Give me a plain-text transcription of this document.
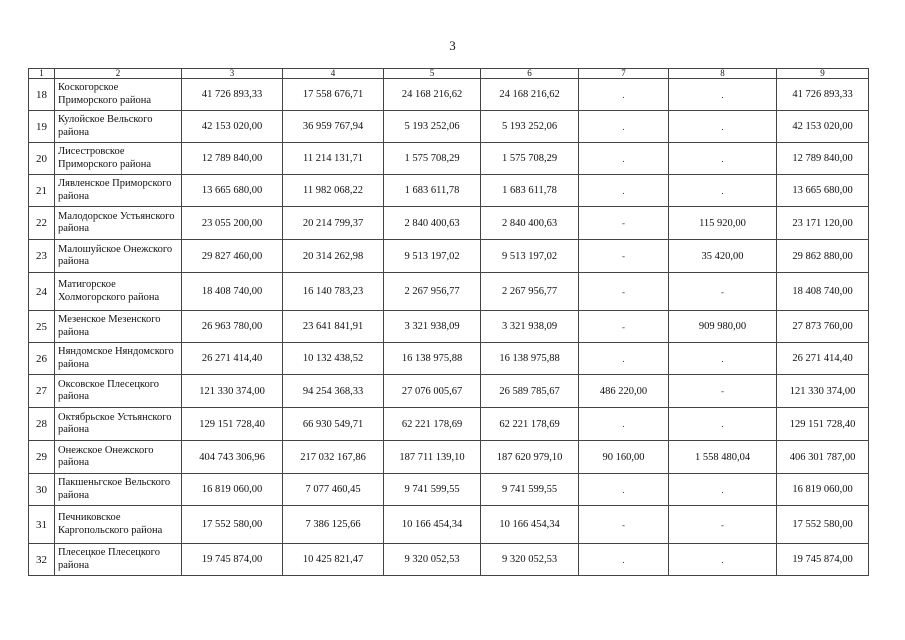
3
1	2	3	4	5	6	7	8	9
18	Коскогорское Приморского района	41 726 893,33	17 558 676,71	24 168 216,62	24 168 216,62	.	.	41 726 893,33
19	Кулойское Вельского района	42 153 020,00	36 959 767,94	5 193 252,06	5 193 252,06	.	.	42 153 020,00
20	Лисестровское Приморского района	12 789 840,00	11 214 131,71	1 575 708,29	1 575 708,29	.	.	12 789 840,00
21	Лявленское Приморского района	13 665 680,00	11 982 068,22	1 683 611,78	1 683 611,78	.	.	13 665 680,00
22	Малодорское Устьянского района	23 055 200,00	20 214 799,37	2 840 400,63	2 840 400,63	-	115 920,00	23 171 120,00
23	Малошуйское Онежского района	29 827 460,00	20 314 262,98	9 513 197,02	9 513 197,02	-	35 420,00	29 862 880,00
24	Матигорское Холмогорского района	18 408 740,00	16 140 783,23	2 267 956,77	2 267 956,77	-	-	18 408 740,00
25	Мезенское Мезенского района	26 963 780,00	23 641 841,91	3 321 938,09	3 321 938,09	-	909 980,00	27 873 760,00
26	Няндомское Няндомского района	26 271 414,40	10 132 438,52	16 138 975,88	16 138 975,88	.	.	26 271 414,40
27	Оксовское Плесецкого района	121 330 374,00	94 254 368,33	27 076 005,67	26 589 785,67	486 220,00	-	121 330 374,00
28	Октябрьское Устьянского района	129 151 728,40	66 930 549,71	62 221 178,69	62 221 178,69	.	.	129 151 728,40
29	Онежское Онежского района	404 743 306,96	217 032 167,86	187 711 139,10	187 620 979,10	90 160,00	1 558 480,04	406 301 787,00
30	Пакшеньгское Вельского района	16 819 060,00	7 077 460,45	9 741 599,55	9 741 599,55	.	.	16 819 060,00
31	Печниковское Каргопольского района	17 552 580,00	7 386 125,66	10 166 454,34	10 166 454,34	-	-	17 552 580,00
32	Плесецкое Плесецкого района	19 745 874,00	10 425 821,47	9 320 052,53	9 320 052,53	.	.	19 745 874,00
